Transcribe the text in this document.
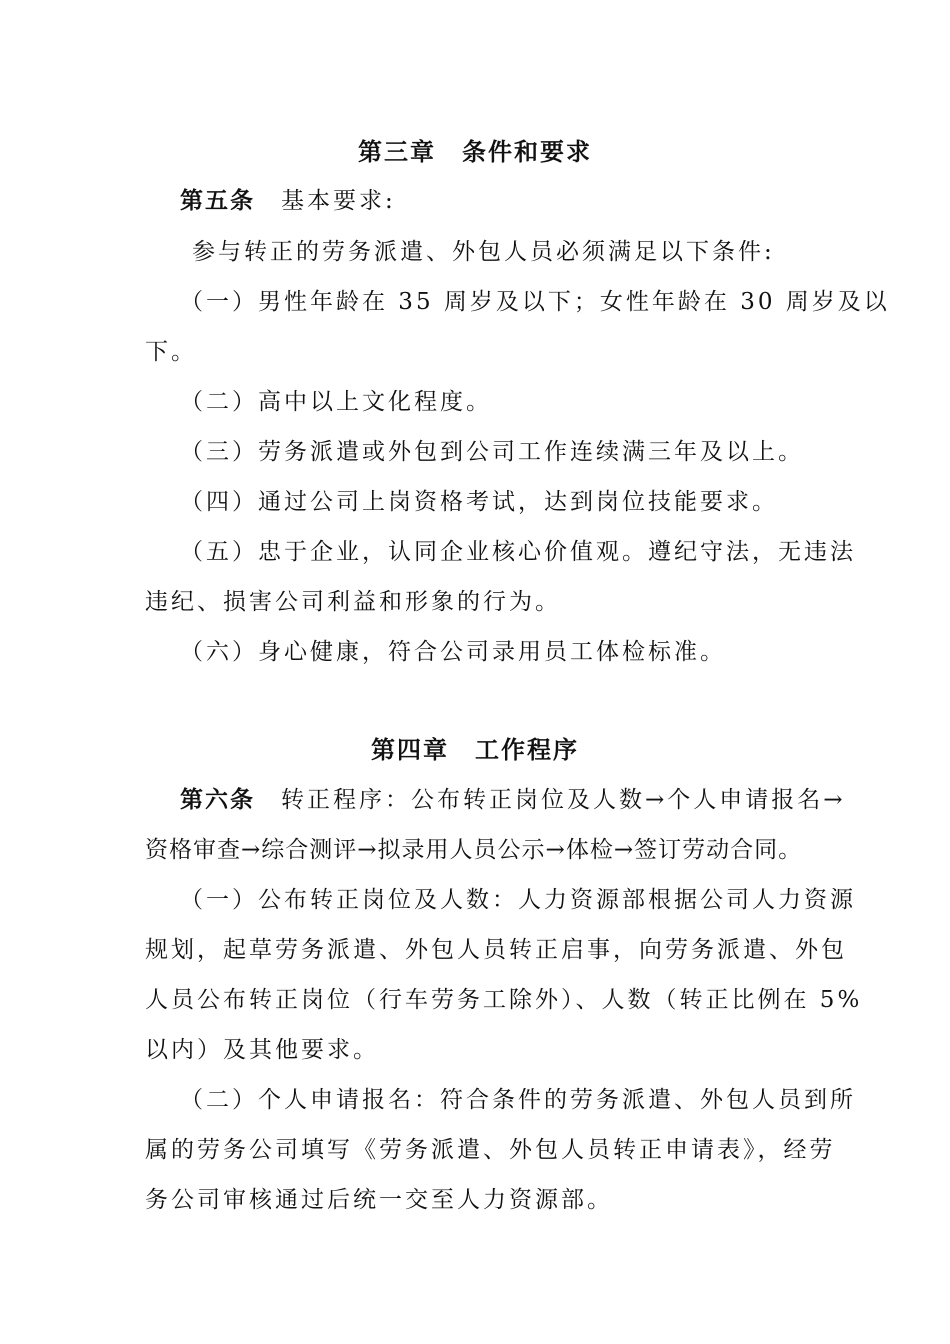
第三章　条件和要求
第五条 基本要求:
参与转正的劳务派遣、外包人员必须满足以下条件:
（一）男性年龄在 35 周岁及以下；女性年龄在 30 周岁及以
下。
（二）高中以上文化程度。
（三）劳务派遣或外包到公司工作连续满三年及以上。
（四）通过公司上岗资格考试，达到岗位技能要求。
（五）忠于企业，认同企业核心价值观。遵纪守法，无违法
违纪、损害公司利益和形象的行为。
（六）身心健康，符合公司录用员工体检标准。
第四章　工作程序
第六条 转正程序：公布转正岗位及人数→个人申请报名→
资格审查→综合测评→拟录用人员公示→体检→签订劳动合同。
（一）公布转正岗位及人数：人力资源部根据公司人力资源
规划，起草劳务派遣、外包人员转正启事，向劳务派遣、外包
人员公布转正岗位（行车劳务工除外）、人数（转正比例在 5%
以内）及其他要求。
（二）个人申请报名：符合条件的劳务派遣、外包人员到所
属的劳务公司填写《劳务派遣、外包人员转正申请表》，经劳
务公司审核通过后统一交至人力资源部。
